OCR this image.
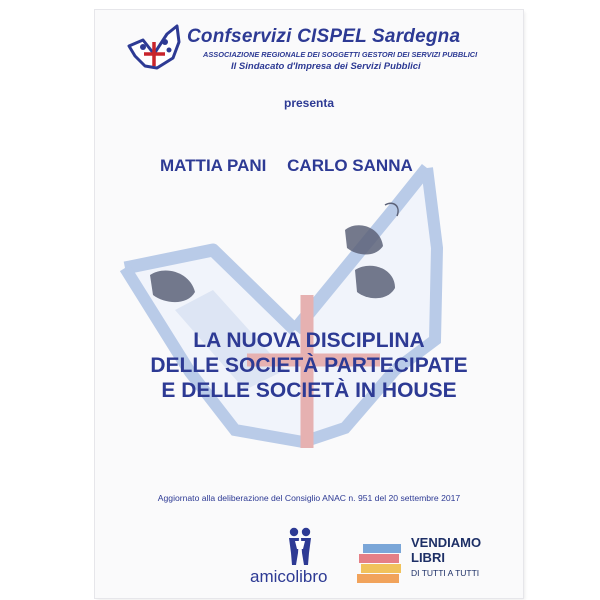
Confservizi CISPEL Sardegna
ASSOCIAZIONE REGIONALE DEI SOGGETTI GESTORI DEI SERVIZI PUBBLICI
Il Sindacato d'Impresa dei Servizi Pubblici
presenta
MATTIA PANI CARLO SANNA
LA NUOVA DISCIPLINA
DELLE SOCIETÀ PARTECIPATE
E DELLE SOCIETÀ IN HOUSE
Aggiornato alla deliberazione del Consiglio ANAC n. 951 del 20 settembre 2017
amicolibro
VENDIAMO
LIBRI
DI TUTTI A TUTTI
